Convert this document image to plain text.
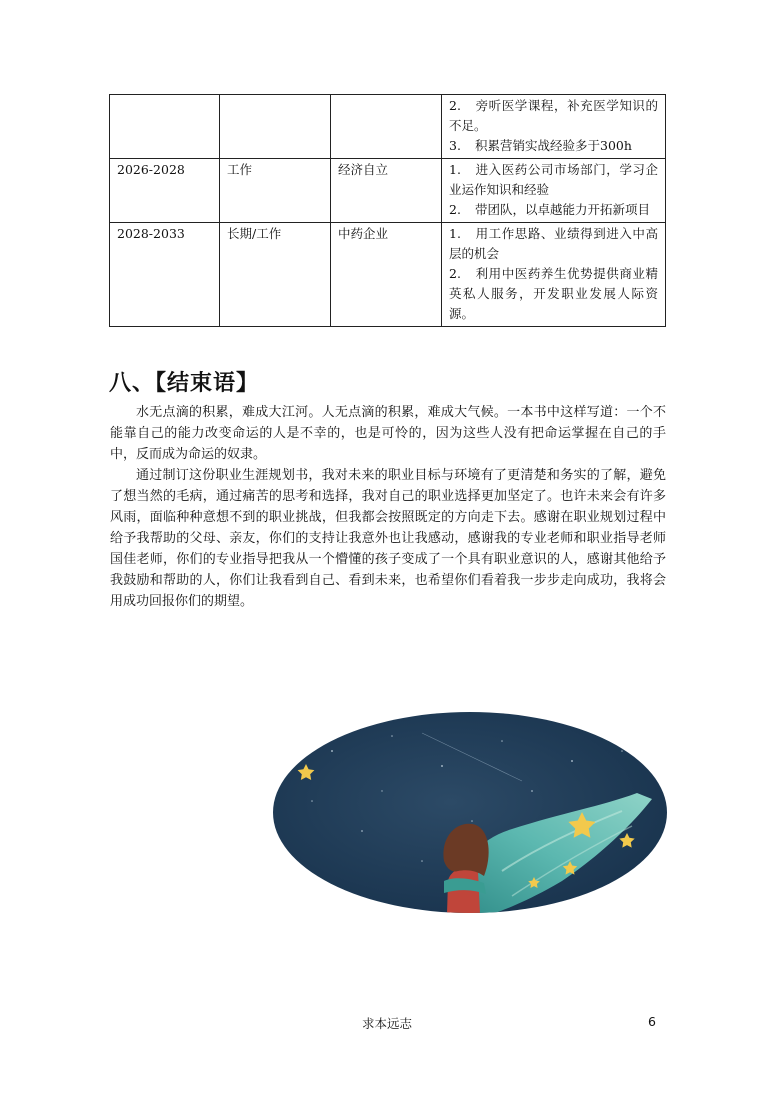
			2. 旁听医学课程，补充医学知识的不足。
3. 积累营销实战经验多于300h

2026-2028	工作	经济自立	1. 进入医药公司市场部门，学习企业运作知识和经验
2. 带团队，以卓越能力开拓新项目

2028-2033	长期/工作	中药企业	1. 用工作思路、业绩得到进入中高层的机会
2. 利用中医药养生优势提供商业精英私人服务，开发职业发展人际资源。
八、【结束语】

水无点滴的积累，难成大江河。人无点滴的积累，难成大气候。一本书中这样写道：一个不能靠自己的能力改变命运的人是不幸的，也是可怜的，因为这些人没有把命运掌握在自己的手中，反而成为命运的奴隶。

通过制订这份职业生涯规划书，我对未来的职业目标与环境有了更清楚和务实的了解，避免了想当然的毛病，通过痛苦的思考和选择，我对自己的职业选择更加坚定了。也许未来会有许多风雨，面临种种意想不到的职业挑战，但我都会按照既定的方向走下去。感谢在职业规划过程中给予我帮助的父母、亲友，你们的支持让我意外也让我感动，感谢我的专业老师和职业指导老师国佳老师，你们的专业指导把我从一个懵懂的孩子变成了一个具有职业意识的人，感谢其他给予我鼓励和帮助的人，你们让我看到自己、看到未来，也希望你们看着我一步步走向成功，我将会用成功回报你们的期望。

求本远志	6
